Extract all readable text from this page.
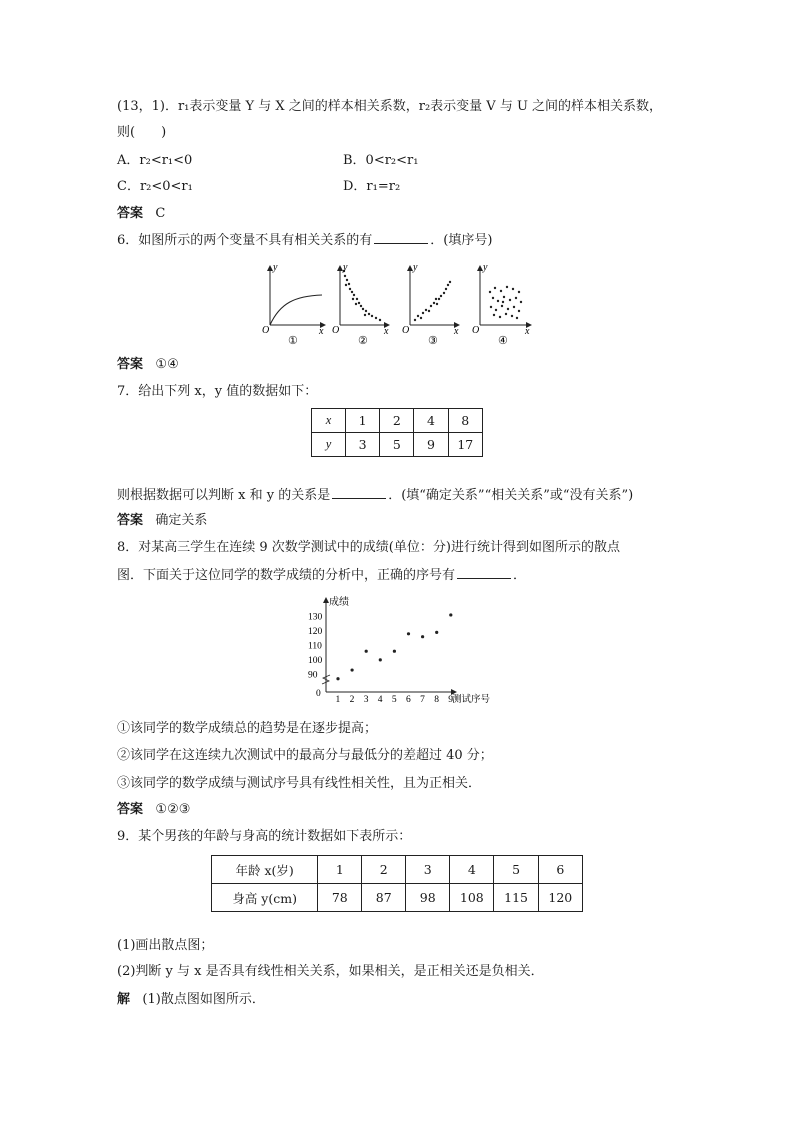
(13，1)．r₁表示变量 Y 与 X 之间的样本相关系数，r₂表示变量 V 与 U 之间的样本相关系数，
则(　　)
A．r₂<r₁<0	B．0<r₂<r₁
C．r₂<0<r₁	D．r₁=r₂
答案 C
6．如图所示的两个变量不具有相关关系的有	．(填序号)
y
x
O
①
y
x
O
②
y
x
O
③
y
x
O
④
答案 ①④
7．给出下列 x，y 值的数据如下：
x	1	2	4	8
y	3	5	9	17
则根据数据可以判断 x 和 y 的关系是	．(填“确定关系”“相关关系”或“没有关系”)
答案 确定关系
8．对某高三学生在连续 9 次数学测试中的成绩(单位：分)进行统计得到如图所示的散点
图．下面关于这位同学的数学成绩的分析中，正确的序号有	．
成绩
测试序号
0
90
100
110
120
130
1 2 3 4 5 6 7 8 9
①该同学的数学成绩总的趋势是在逐步提高；
②该同学在这连续九次测试中的最高分与最低分的差超过 40 分；
③该同学的数学成绩与测试序号具有线性相关性，且为正相关．
答案 ①②③
9．某个男孩的年龄与身高的统计数据如下表所示：
年龄 x(岁)	1	2	3	4	5	6
身高 y(cm)	78	87	98	108	115	120
(1)画出散点图；
(2)判断 y 与 x 是否具有线性相关关系，如果相关，是正相关还是负相关．
解 (1)散点图如图所示．
